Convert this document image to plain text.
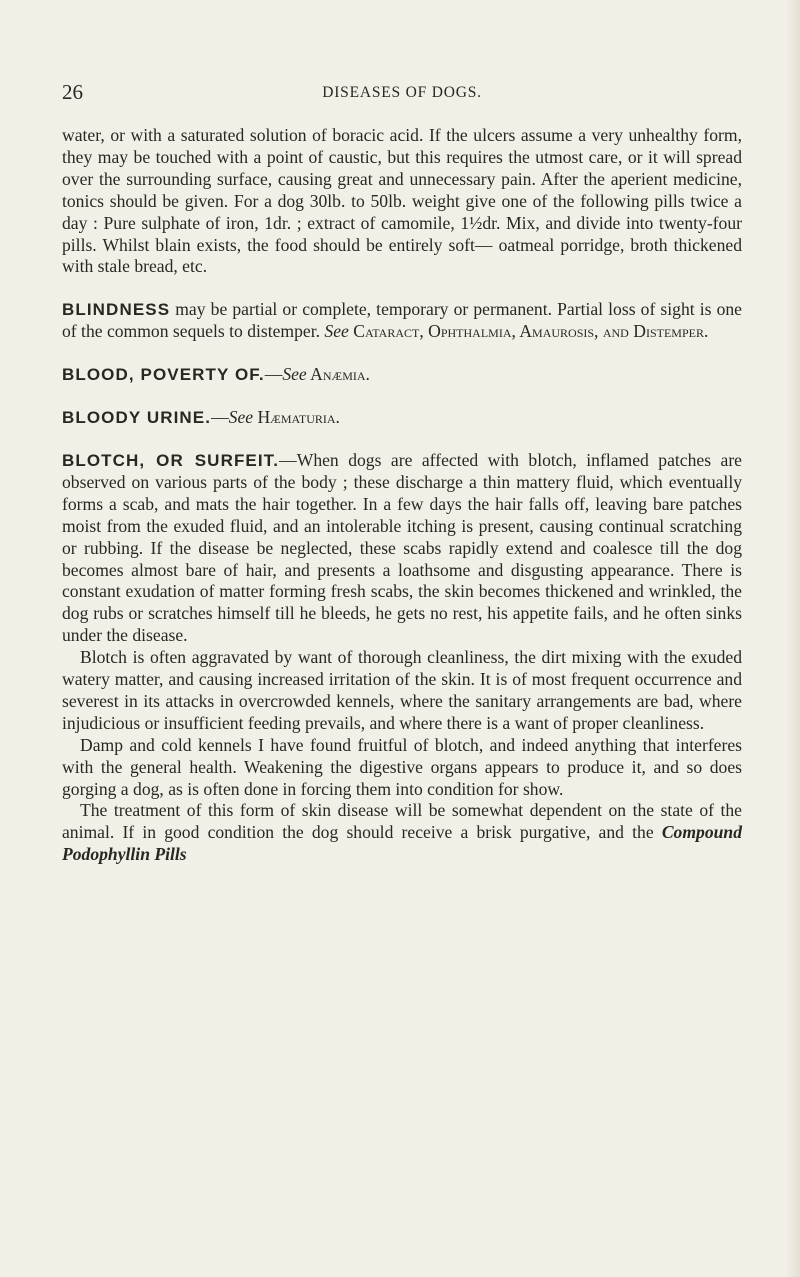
26	DISEASES OF DOGS.

water, or with a saturated solution of boracic acid. If the ulcers assume a very unhealthy form, they may be touched with a point of caustic, but this requires the utmost care, or it will spread over the surrounding surface, causing great and unnecessary pain. After the aperient medicine, tonics should be given. For a dog 30lb. to 50lb. weight give one of the following pills twice a day : Pure sulphate of iron, 1dr. ; extract of camomile, 1½dr. Mix, and divide into twenty-four pills. Whilst blain exists, the food should be entirely soft— oatmeal porridge, broth thickened with stale bread, etc.

BLINDNESS may be partial or complete, temporary or permanent. Partial loss of sight is one of the common sequels to distemper. See Cataract, Ophthalmia, Amaurosis, and Distemper.

BLOOD, POVERTY OF.—See Anæmia.

BLOODY URINE.—See Hæmaturia.

BLOTCH, OR SURFEIT.—When dogs are affected with blotch, inflamed patches are observed on various parts of the body ; these discharge a thin mattery fluid, which eventually forms a scab, and mats the hair together. In a few days the hair falls off, leaving bare patches moist from the exuded fluid, and an intolerable itching is present, causing continual scratching or rubbing. If the disease be neglected, these scabs rapidly extend and coalesce till the dog becomes almost bare of hair, and presents a loathsome and disgusting appearance. There is constant exudation of matter forming fresh scabs, the skin becomes thickened and wrinkled, the dog rubs or scratches himself till he bleeds, he gets no rest, his appetite fails, and he often sinks under the disease.

Blotch is often aggravated by want of thorough cleanliness, the dirt mixing with the exuded watery matter, and causing increased irritation of the skin. It is of most frequent occurrence and severest in its attacks in overcrowded kennels, where the sanitary arrangements are bad, where injudicious or insufficient feeding prevails, and where there is a want of proper cleanliness.

Damp and cold kennels I have found fruitful of blotch, and indeed anything that interferes with the general health. Weakening the digestive organs appears to produce it, and so does gorging a dog, as is often done in forcing them into condition for show.

The treatment of this form of skin disease will be somewhat dependent on the state of the animal. If in good condition the dog should receive a brisk purgative, and the Compound Podophyllin Pills
